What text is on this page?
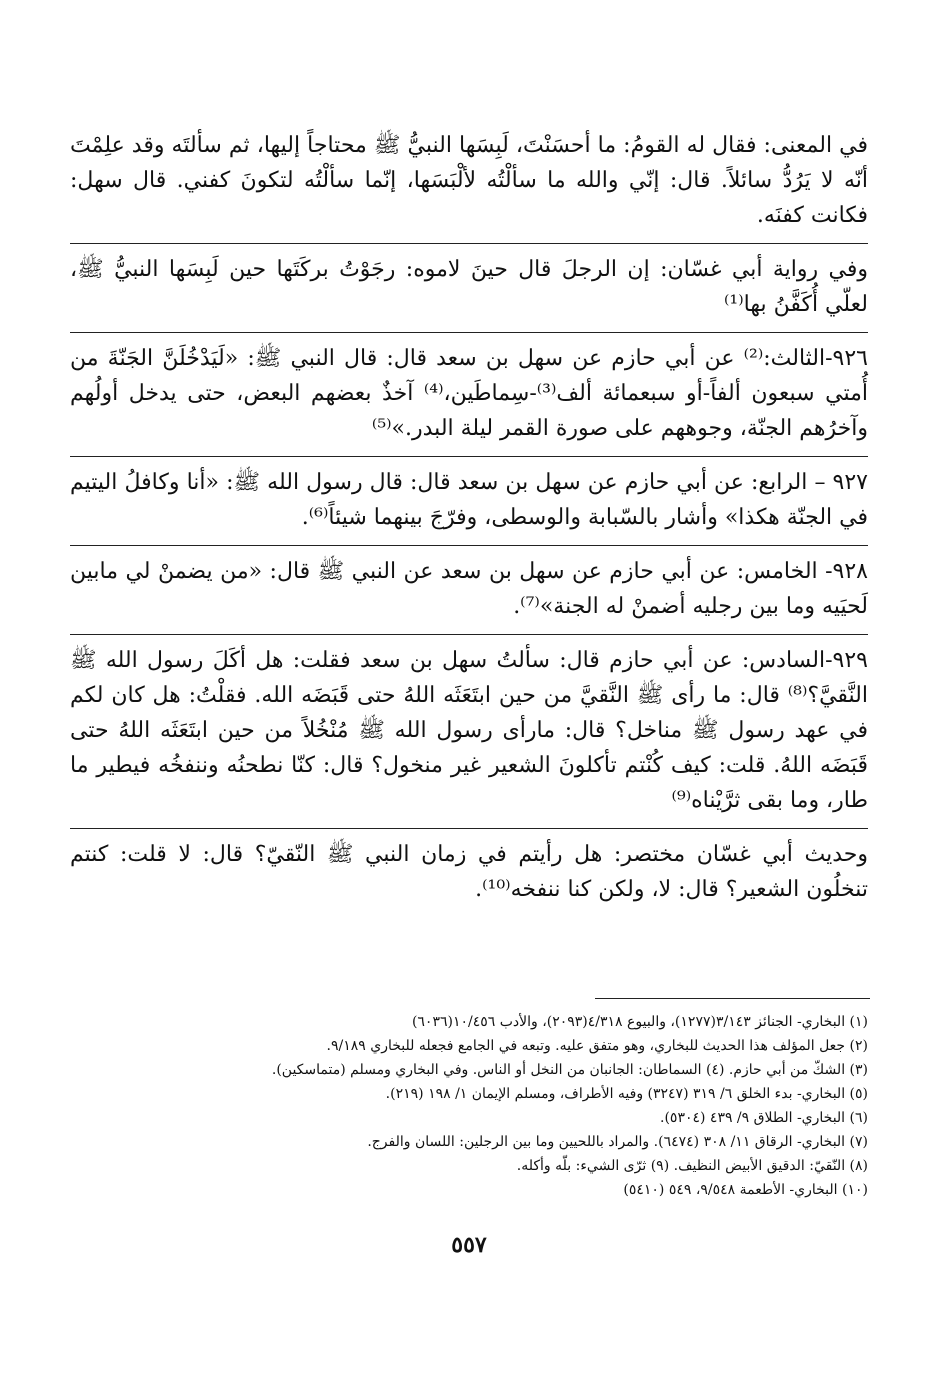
في المعنى: فقال له القومُ: ما أحسَنْتَ، لَبِسَها النبيُّ ﷺ محتاجاً إليها، ثم سألتَه وقد علِمْتَ أنّه لا يَرُدُّ سائلاً. قال: إنّي والله ما سألْتُه لألْبَسَها، إنّما سألْتُه لتكونَ كفني. قال سهل: فكانت كفنَه.

وفي رواية أبي غسّان: إن الرجلَ قال حينَ لاموه: رجَوْتُ بركَتَها حين لَبِسَها النبيُّ ﷺ، لعلّي أُكَفَّنُ بها⁽¹⁾

٩٢٦-الثالث:⁽²⁾ عن أبي حازم عن سهل بن سعد قال: قال النبي ﷺ: «لَيَدْخُلَنَّ الجَنّةَ من أُمتي سبعون ألفاً-أو سبعمائة ألف⁽³⁾-سِماطَين،⁽⁴⁾ آخذٌ بعضهم البعض، حتى يدخل أولُهم وآخرُهم الجنّة، وجوههم على صورة القمر ليلة البدر.»⁽⁵⁾

٩٢٧ – الرابع: عن أبي حازم عن سهل بن سعد قال: قال رسول الله ﷺ: «أنا وكافلُ اليتيم في الجنّة هكذا» وأشار بالسّبابة والوسطى، وفرّجَ بينهما شيئاً⁽⁶⁾.

٩٢٨- الخامس: عن أبي حازم عن سهل بن سعد عن النبي ﷺ قال: «من يضمنْ لي مابين لَحيَيه وما بين رجليه أضمنْ له الجنة»⁽⁷⁾.

٩٢٩-السادس: عن أبي حازم قال: سألتُ سهل بن سعد فقلت: هل أكَلَ رسول الله ﷺ النَّقيَّ؟⁽⁸⁾ قال: ما رأى ﷺ النَّقيَّ من حين ابتَعَثَه اللهُ حتى قَبَضَه الله. فقلْتُ: هل كان لكم في عهد رسول ﷺ مناخل؟ قال: مارأى رسول الله ﷺ مُنْخُلاً من حين ابتَعَثَه اللهُ حتى قَبَضَه اللهُ. قلت: كيف كُنْتم تأكلونَ الشعير غير منخول؟ قال: كنّا نطحنُه وننفخُه فيطير ما طار، وما بقى ثرَّيْناه⁽⁹⁾

وحديث أبي غسّان مختصر: هل رأيتم في زمان النبي ﷺ النّقيّ؟ قال: لا قلت: كنتم تنخلُون الشعير؟ قال: لا، ولكن كنا ننفخه⁽¹⁰⁾.

(١) البخاري- الجنائز ٣/١٤٣(١٢٧٧)، والبيوع ٤/٣١٨(٢٠٩٣)، والأدب ١٠/٤٥٦(٦٠٣٦)

(٢) جعل المؤلف هذا الحديث للبخاري، وهو متفق عليه. وتبعه في الجامع فجعله للبخاري ٩/١٨٩.

(٣) الشكّ من أبي حازم. (٤) السماطان: الجانبان من النخل أو الناس. وفي البخاري ومسلم (متماسكين).

(٥) البخاري- بدء الخلق ٦/ ٣١٩ (٣٢٤٧) وفيه الأطراف، ومسلم الإيمان ١/ ١٩٨ (٢١٩).

(٦) البخاري- الطلاق ٩/ ٤٣٩ (٥٣٠٤).

(٧) البخاري- الرقاق ١١/ ٣٠٨ (٦٤٧٤). والمراد باللحيين وما بين الرجلين: اللسان والفرج.

(٨) النّقيّ: الدقيق الأبيض النظيف. (٩) ثرّى الشيء: بلّه وأكله.

(١٠) البخاري- الأطعمة ٩/٥٤٨، ٥٤٩ (٥٤١٠)

٥٥٧
